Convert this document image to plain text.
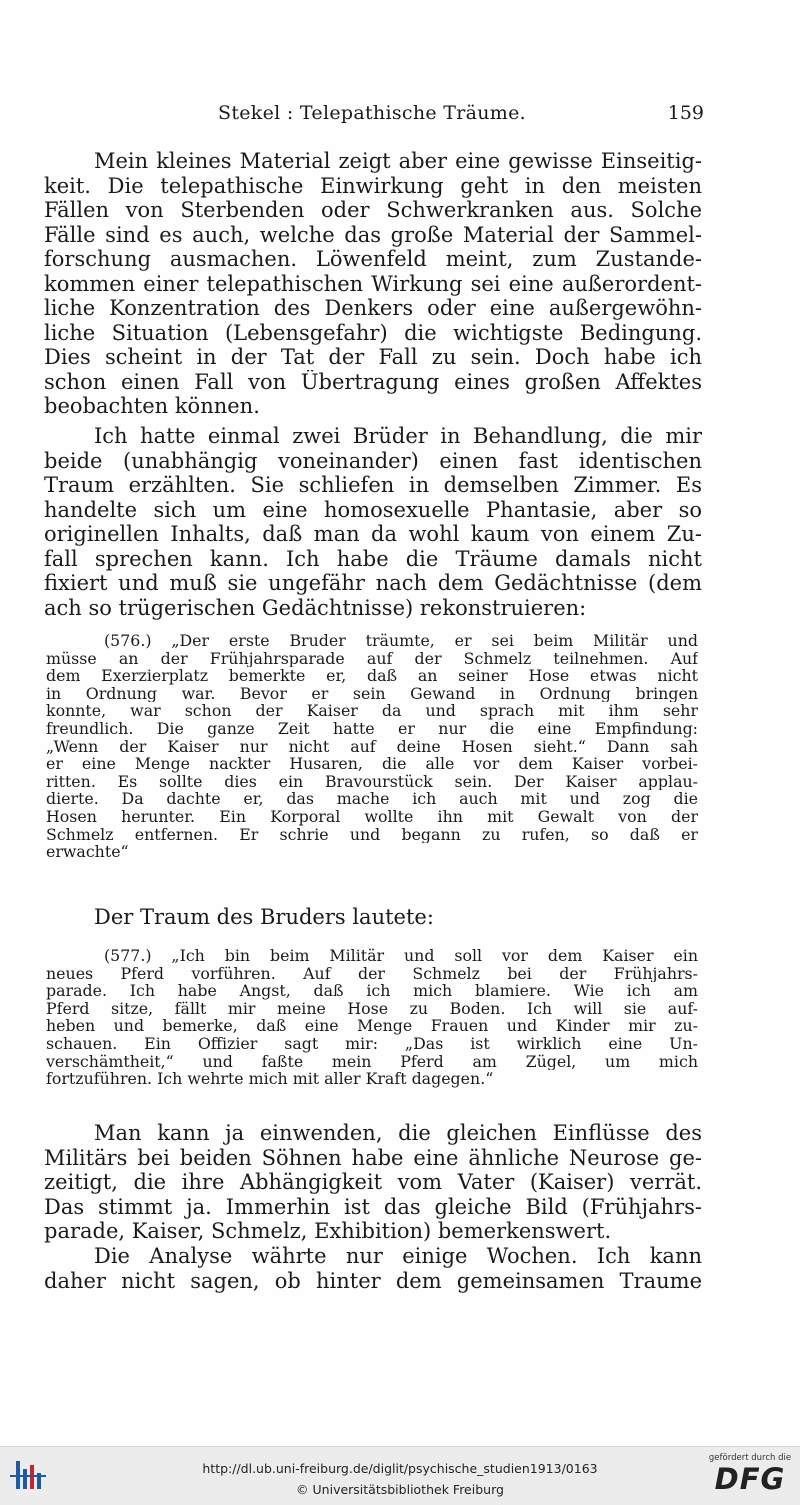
Stekel : Telepathische Träume.	159
Mein kleines Material zeigt aber eine gewisse Einseitig-
keit. Die telepathische Einwirkung geht in den meisten
Fällen von Sterbenden oder Schwerkranken aus. Solche
Fälle sind es auch, welche das große Material der Sammel-
forschung ausmachen. Löwenfeld meint, zum Zustande-
kommen einer telepathischen Wirkung sei eine außerordent-
liche Konzentration des Denkers oder eine außergewöhn-
liche Situation (Lebensgefahr) die wichtigste Bedingung.
Dies scheint in der Tat der Fall zu sein. Doch habe ich
schon einen Fall von Übertragung eines großen Affektes
beobachten können.
Ich hatte einmal zwei Brüder in Behandlung, die mir
beide (unabhängig voneinander) einen fast identischen
Traum erzählten. Sie schliefen in demselben Zimmer. Es
handelte sich um eine homosexuelle Phantasie, aber so
originellen Inhalts, daß man da wohl kaum von einem Zu-
fall sprechen kann. Ich habe die Träume damals nicht
fixiert und muß sie ungefähr nach dem Gedächtnisse (dem
ach so trügerischen Gedächtnisse) rekonstruieren:
(576.) „Der erste Bruder träumte, er sei beim Militär und
müsse an der Frühjahrsparade auf der Schmelz teilnehmen. Auf
dem Exerzierplatz bemerkte er, daß an seiner Hose etwas nicht
in Ordnung war. Bevor er sein Gewand in Ordnung bringen
konnte, war schon der Kaiser da und sprach mit ihm sehr
freundlich. Die ganze Zeit hatte er nur die eine Empfindung:
„Wenn der Kaiser nur nicht auf deine Hosen sieht.“ Dann sah
er eine Menge nackter Husaren, die alle vor dem Kaiser vorbei-
ritten. Es sollte dies ein Bravourstück sein. Der Kaiser applau-
dierte. Da dachte er, das mache ich auch mit und zog die
Hosen herunter. Ein Korporal wollte ihn mit Gewalt von der
Schmelz entfernen. Er schrie und begann zu rufen, so daß er
erwachte“
Der Traum des Bruders lautete:
(577.) „Ich bin beim Militär und soll vor dem Kaiser ein
neues Pferd vorführen. Auf der Schmelz bei der Frühjahrs-
parade. Ich habe Angst, daß ich mich blamiere. Wie ich am
Pferd sitze, fällt mir meine Hose zu Boden. Ich will sie auf-
heben und bemerke, daß eine Menge Frauen und Kinder mir zu-
schauen. Ein Offizier sagt mir: „Das ist wirklich eine Un-
verschämtheit,“ und faßte mein Pferd am Zügel, um mich
fortzuführen. Ich wehrte mich mit aller Kraft dagegen.“
Man kann ja einwenden, die gleichen Einflüsse des
Militärs bei beiden Söhnen habe eine ähnliche Neurose ge-
zeitigt, die ihre Abhängigkeit vom Vater (Kaiser) verrät.
Das stimmt ja. Immerhin ist das gleiche Bild (Frühjahrs-
parade, Kaiser, Schmelz, Exhibition) bemerkenswert.
Die Analyse währte nur einige Wochen. Ich kann
daher nicht sagen, ob hinter dem gemeinsamen Traume
http://dl.ub.uni-freiburg.de/diglit/psychische_studien1913/0163
© Universitätsbibliothek Freiburg
gefördert durch die
DFG
